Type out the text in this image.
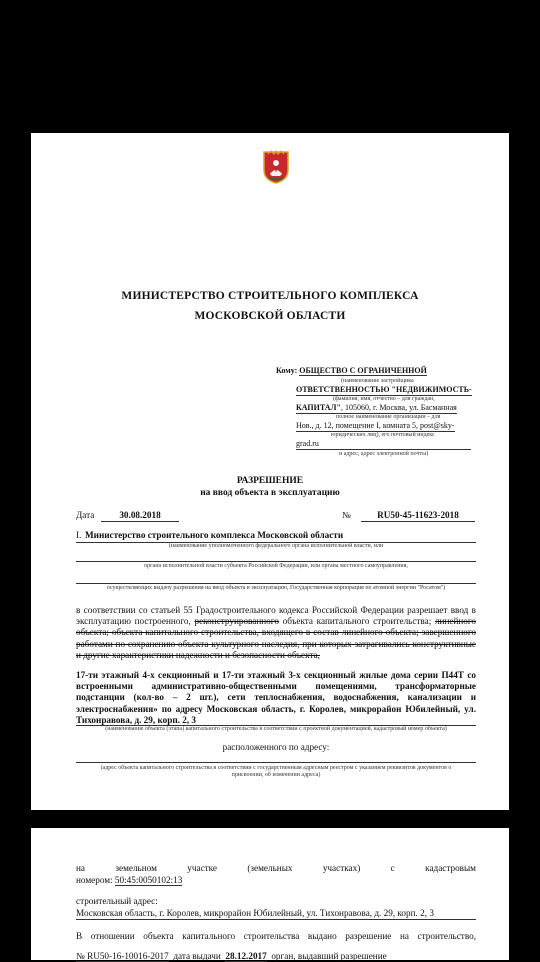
МИНИСТЕРСТВО СТРОИТЕЛЬНОГО КОМПЛЕКСА
МОСКОВСКОЙ ОБЛАСТИ
Кому: ОБЩЕСТВО С ОГРАНИЧЕННОЙ
(наименование застройщика
ОТВЕТСТВЕННОСТЬЮ "НЕДВИЖИМОСТЬ-
(фамилия, имя, отчество – для граждан,
КАПИТАЛ", 105060, г. Москва, ул. Басманная
полное наименование организации – для
Нов., д. 12, помещение I, комната 5, post@sky-
юридических лиц), его почтовый индекс
grad.ru
и адрес, адрес электронной почты)
РАЗРЕШЕНИЕ
на ввод объекта в эксплуатацию
Дата	30.08.2018	№	RU50-45-11623-2018
I. Министерство строительного комплекса Московской области
(наименование уполномоченного федерального органа исполнительной власти, или
органа исполнительной власти субъекта Российской Федерации, или органа местного самоуправления,
осуществляющих выдачу разрешения на ввод объекта в эксплуатацию, Государственная корпорация по атомной энергии "Росатом")
в соответствии со статьей 55 Градостроительного кодекса Российской Федерации разрешает ввод в эксплуатацию построенного, реконструированного объекта капитального строительства; линейного объекта; объекта капитального строительства, входящего в состав линейного объекта; завершенного работами по сохранению объекта культурного наследия, при которых затрагивались конструктивные и другие характеристики надежности и безопасности объекта,
17-ти этажный 4-х секционный и 17-ти этажный 3-х секционный жилые дома серии П44Т со встроенными административно-общественными помещениями, трансформаторные подстанции (кол-во – 2 шт.), сети теплоснабжения, водоснабжения, канализации и электроснабжения» по адресу Московская область, г. Королев, микрорайон Юбилейный, ул. Тихонравова, д. 29, корп. 2, 3
(наименование объекта (этапа) капитального строительства в соответствии с проектной документацией, кадастровый номер объекта)
расположенного по адресу:
(адрес объекта капитального строительства в соответствии с государственным адресным реестром с указанием реквизитов документов о
присвоении, об изменении адреса)
на земельном участке (земельных участках) с кадастровым
номером: 50:45:0050102:13
строительный адрес:
Московская область, г. Королев, микрорайон Юбилейный, ул. Тихонравова, д. 29, корп. 2, 3
В отношении объекта капитального строительства выдано разрешение на строительство,
№ RU50-16-10016-2017 дата выдачи 28.12.2017 орган, выдавший разрешение
